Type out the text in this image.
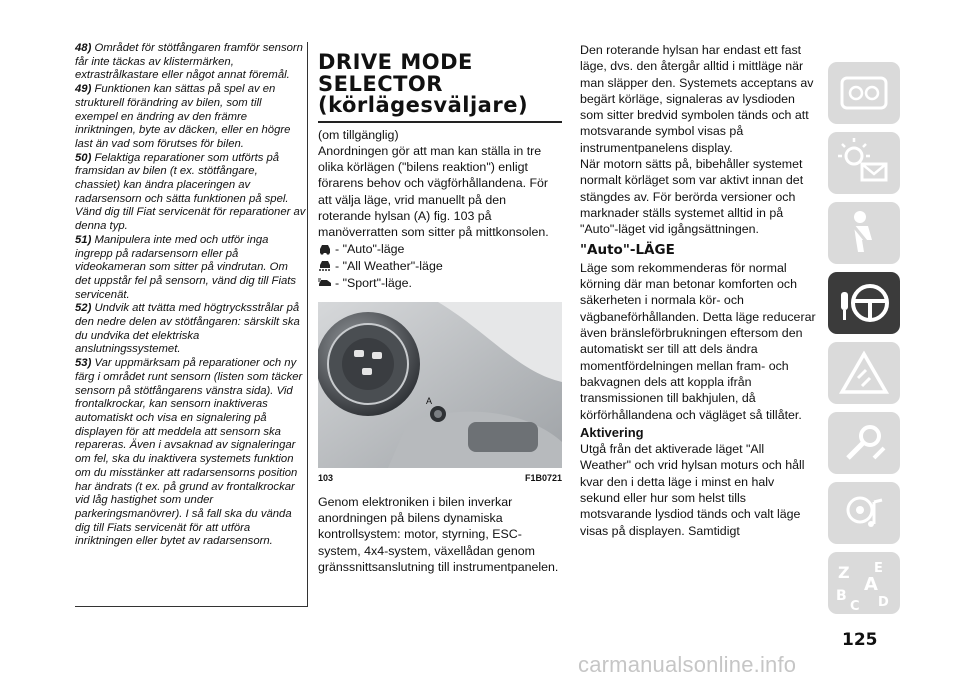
48) Området för stötfångaren framför sensorn får inte täckas av klistermärken, extrastrålkastare eller något annat föremål.

49) Funktionen kan sättas på spel av en strukturell förändring av bilen, som till exempel en ändring av den främre inriktningen, byte av däcken, eller en högre last än vad som förutses för bilen.

50) Felaktiga reparationer som utförts på framsidan av bilen (t ex. stötfångare, chassiet) kan ändra placeringen av radarsensorn och sätta funktionen på spel. Vänd dig till Fiat servicenät för reparationer av denna typ.

51) Manipulera inte med och utför inga ingrepp på radarsensorn eller på videokameran som sitter på vindrutan. Om det uppstår fel på sensorn, vänd dig till Fiats servicenät.

52) Undvik att tvätta med högtrycksstrålar på den nedre delen av stötfångaren: särskilt ska du undvika det elektriska anslutningssystemet.

53) Var uppmärksam på reparationer och ny färg i området runt sensorn (listen som täcker sensorn på stötfångarens vänstra sida). Vid frontalkrockar, kan sensorn inaktiveras automatiskt och visa en signalering på displayen för att meddela att sensorn ska repareras. Även i avsaknad av signaleringar om fel, ska du inaktivera systemets funktion om du misstänker att radarsensorns position har ändrats (t ex. på grund av frontalkrockar vid låg hastighet som under parkeringsmanövrer). I så fall ska du vända dig till Fiats servicenät för att utföra inriktningen eller bytet av radarsensorn.

DRIVE MODE
SELECTOR
(körlägesväljare)

(om tillgänglig)
Anordningen gör att man kan ställa in tre olika körlägen ("bilens reaktion") enligt förarens behov och vägförhållandena. För att välja läge, vrid manuellt på den roterande hylsan (A) fig. 103 på manöverratten som sitter på mittkonsolen.

- "Auto"-läge
- "All Weather"-läge
- "Sport"-läge.
A
103	F1B0721

Genom elektroniken i bilen inverkar anordningen på bilens dynamiska kontrollsystem: motor, styrning, ESC-system, 4x4-system, växellådan genom gränssnittsanslutning till instrumentpanelen.

Den roterande hylsan har endast ett fast läge, dvs. den återgår alltid i mittläge när man släpper den. Systemets acceptans av begärt körläge, signaleras av lysdioden som sitter bredvid symbolen tänds och att motsvarande symbol visas på instrumentpanelens display.

När motorn sätts på, bibehåller systemet normalt körläget som var aktivt innan det stängdes av. För berörda versioner och marknader ställs systemet alltid in på "Auto"-läget vid igångsättningen.

"Auto"-LÄGE

Läge som rekommenderas för normal körning där man betonar komforten och säkerheten i normala kör- och vägbaneförhållanden. Detta läge reducerar även bränsleförbrukningen eftersom den automatiskt ser till att dels ändra momentfördelningen mellan fram- och bakvagnen dels att koppla ifrån transmissionen till bakhjulen, då körförhållandena och vägläget så tillåter.

Aktivering

Utgå från det aktiverade läget "All Weather" och vrid hylsan moturs och håll kvar den i detta läge i minst en halv sekund eller hur som helst tills motsvarande lysdiod tänds och valt läge visas på displayen. Samtidigt

Z E
A
B
C D
125
carmanualsonline.info
